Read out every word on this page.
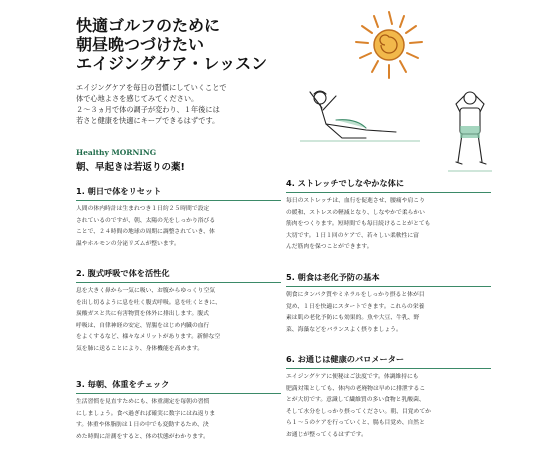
快適ゴルフのために
朝昼晩つづけたい
エイジングケア・レッスン
エイジングケアを毎日の習慣にしていくことで
体で心地よさを感じてみてください。
２～３ヵ月で体の調子が変わり、１年後には
若さと健康を快適にキープできるはずです。
Healthy MORNING
朝、早起きは若返りの薬!
1. 朝日で体をリセット
人間の体内時計は生まれつき１日約２５時間で設定
されているのですが、朝、太陽の光をしっかり浴びる
ことで、２４時間の地球の周期に調整されていき、体
温やホルモンの分泌リズムが整います。
2. 腹式呼吸で体を活性化
息を大きく鼻から一気に吸い、お腹からゆっくり空気
を出し切るように息を吐く腹式呼吸。息を吐くときに、
炭酸ガスと共に有害物質を体外に排出します。腹式
呼吸は、自律神経の安定、胃腸をはじめ内臓の血行
をよくするなど、様々なメリットがあります。新鮮な空
気を肺に送ることにより、身体機能を高めます。
3. 毎朝、体重をチェック
生活習慣を見直すためにも、体重測定を毎朝の習慣
にしましょう。食べ過ぎれば確実に数字にはね返りま
す。体重や体脂肪は１日の中でも変動するため、決
めた時間に計測をすると、体の状態がわかります。
4. ストレッチでしなやかな体に
毎日のストレッチは、血行を促進させ、腰痛や肩こり
の緩和、ストレスの軽減となり、しなやかで柔らかい
筋肉をつくります。短時間でも毎日続けることがとても
大切です。１日１回のケアで、若々しい柔軟性に富
んだ筋肉を保つことができます。
5. 朝食は老化予防の基本
朝食にタンパク質やミネラルをしっかり摂ると体が目
覚め、１日を快適にスタートできます。これらの栄養
素は肌の老化予防にも効果的。魚や大豆、牛乳、野
菜、海藻などをバランスよく摂りましょう。
6. お通じは健康のバロメーター
エイジングケアに便秘はご法度です。体調維持にも
肥満対策としても、体内の老廃物は早めに排泄するこ
とが大切です。意識して繊維質の多い食物と乳酸菌、
そして水分をしっかり摂ってください。朝、目覚めてか
ら１～５のケアを行っていくと、腸も目覚め、自然と
お通じが整ってくるはずです。
